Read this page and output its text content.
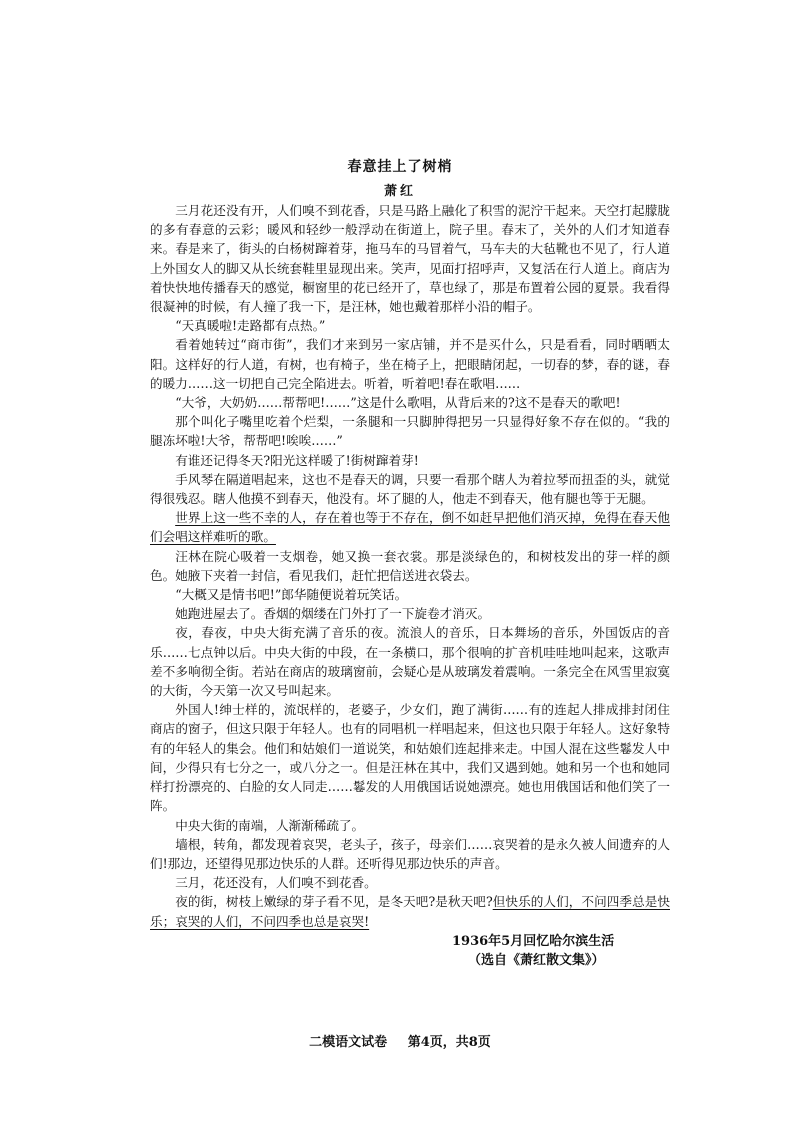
春意挂上了树梢
萧红

三月花还没有开，人们嗅不到花香，只是马路上融化了积雪的泥泞干起来。天空打起朦胧的多有春意的云彩；暖风和轻纱一般浮动在街道上，院子里。春末了，关外的人们才知道春来。春是来了，街头的白杨树蹿着芽，拖马车的马冒着气，马车夫的大毡靴也不见了，行人道上外国女人的脚又从长统套鞋里显现出来。笑声，见面打招呼声，又复活在行人道上。商店为着快快地传播春天的感觉，橱窗里的花已经开了，草也绿了，那是布置着公园的夏景。我看得很凝神的时候，有人撞了我一下，是汪林，她也戴着那样小沿的帽子。

“天真暖啦!走路都有点热。”

看着她转过“商市街”，我们才来到另一家店铺，并不是买什么，只是看看，同时晒晒太阳。这样好的行人道，有树，也有椅子，坐在椅子上，把眼睛闭起，一切春的梦，春的谜，春的暖力……这一切把自己完全陷进去。听着，听着吧!春在歌唱……

“大爷，大奶奶……帮帮吧!……”这是什么歌唱，从背后来的?这不是春天的歌吧!

那个叫化子嘴里吃着个烂梨，一条腿和一只脚肿得把另一只显得好象不存在似的。“我的腿冻坏啦!大爷，帮帮吧!唉唉……”

有谁还记得冬天?阳光这样暖了!街树蹿着芽!

手风琴在隔道唱起来，这也不是春天的调，只要一看那个瞎人为着拉琴而扭歪的头，就觉得很残忍。瞎人他摸不到春天，他没有。坏了腿的人，他走不到春天，他有腿也等于无腿。

世界上这一些不幸的人，存在着也等于不存在，倒不如赶早把他们消灭掉，免得在春天他们会唱这样难听的歌。

汪林在院心吸着一支烟卷，她又换一套衣裳。那是淡绿色的，和树枝发出的芽一样的颜色。她腋下夹着一封信，看见我们，赶忙把信送进衣袋去。

“大概又是情书吧!”郎华随便说着玩笑话。

她跑进屋去了。香烟的烟缕在门外打了一下旋卷才消灭。

夜，春夜，中央大街充满了音乐的夜。流浪人的音乐，日本舞场的音乐，外国饭店的音乐……七点钟以后。中央大街的中段，在一条横口，那个很响的扩音机哇哇地叫起来，这歌声差不多响彻全街。若站在商店的玻璃窗前，会疑心是从玻璃发着震响。一条完全在风雪里寂寞的大街，今天第一次又号叫起来。

外国人!绅士样的，流氓样的，老婆子，少女们，跑了满街……有的连起人排成排封闭住商店的窗子，但这只限于年轻人。也有的同唱机一样唱起来，但这也只限于年轻人。这好象特有的年轻人的集会。他们和姑娘们一道说笑，和姑娘们连起排来走。中国人混在这些鬈发人中间，少得只有七分之一，或八分之一。但是汪林在其中，我们又遇到她。她和另一个也和她同样打扮漂亮的、白脸的女人同走……鬈发的人用俄国话说她漂亮。她也用俄国话和他们笑了一阵。

中央大街的南端，人渐渐稀疏了。

墙根，转角，都发现着哀哭，老头子，孩子，母亲们……哀哭着的是永久被人间遗弃的人们!那边，还望得见那边快乐的人群。还听得见那边快乐的声音。

三月，花还没有，人们嗅不到花香。

夜的街，树枝上嫩绿的芽子看不见，是冬天吧?是秋天吧?但快乐的人们，不问四季总是快乐；哀哭的人们，不问四季也总是哀哭!

1936年5月回忆哈尔滨生活
（选自《萧红散文集》）
二模语文试卷 第4页，共8页
